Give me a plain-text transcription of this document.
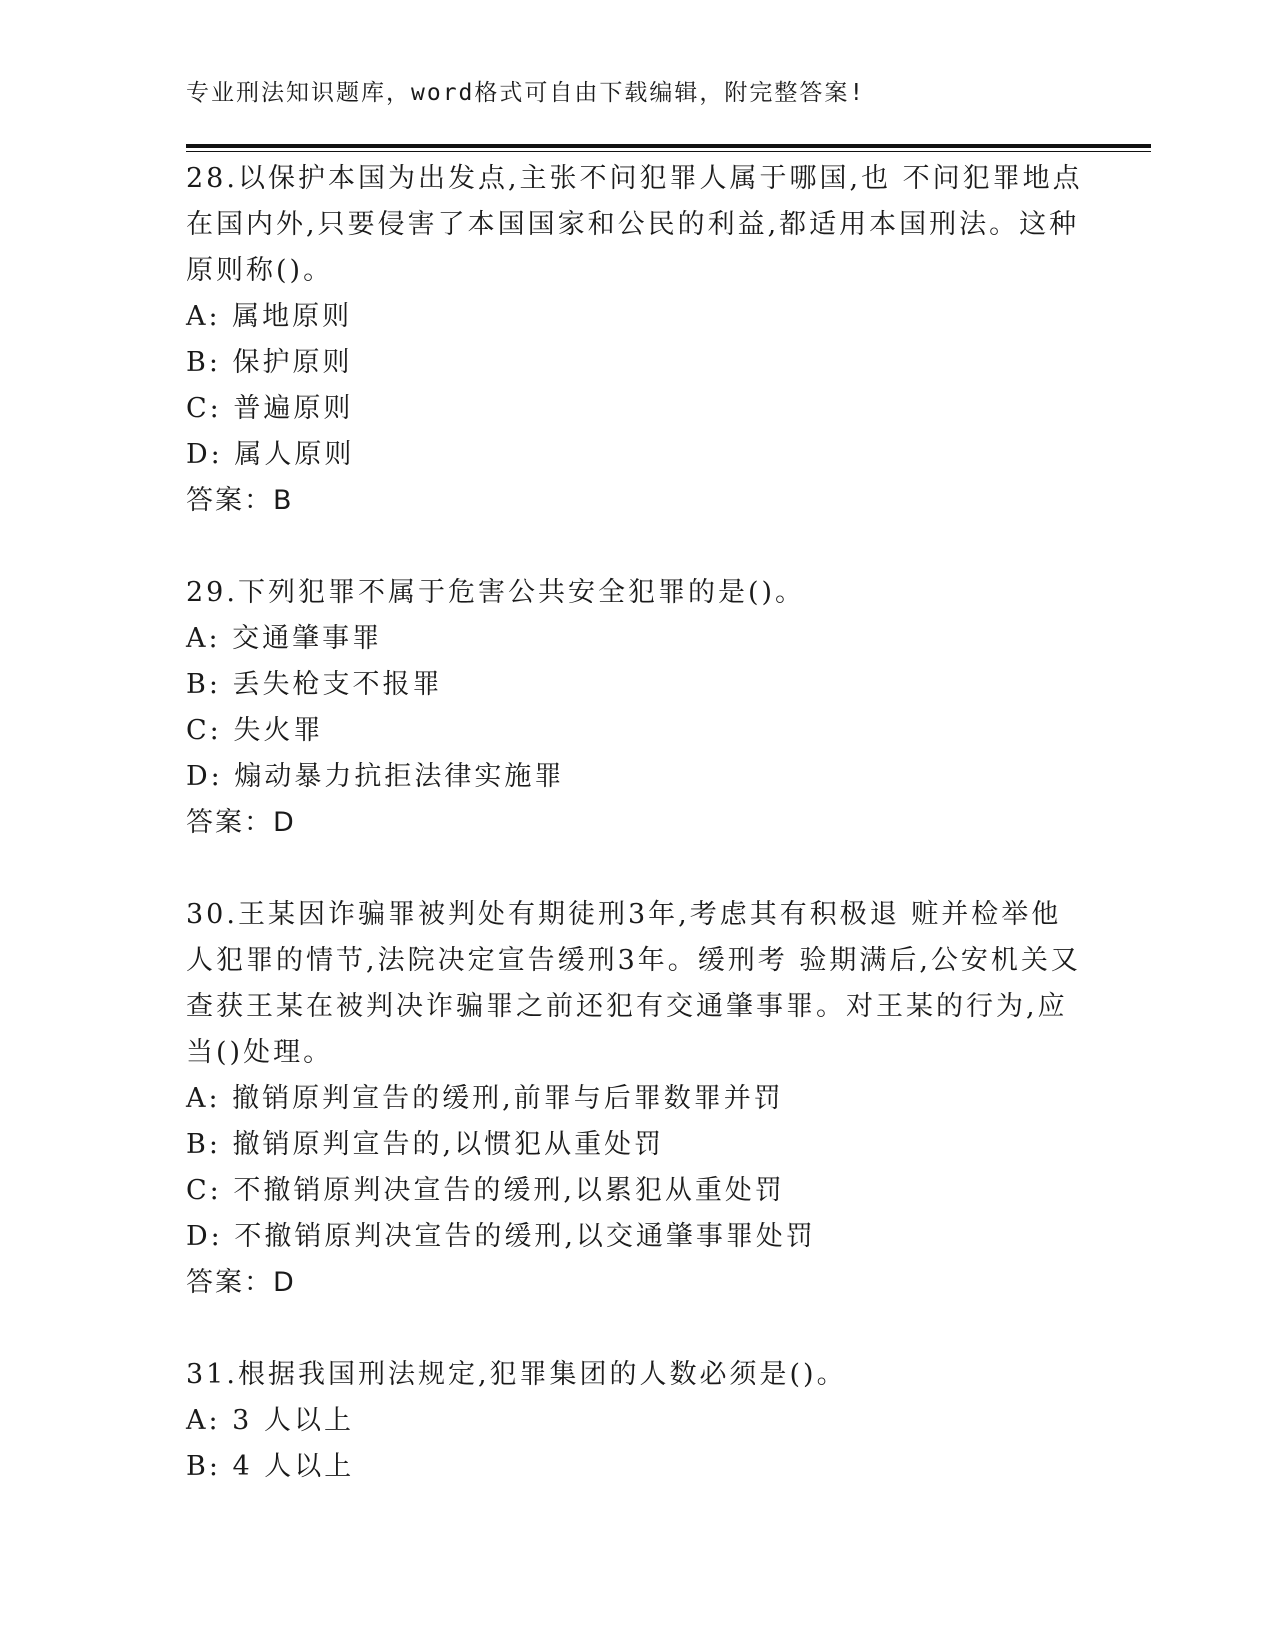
专业刑法知识题库，word格式可自由下载编辑，附完整答案!

28.以保护本国为出发点,主张不问犯罪人属于哪国,也 不问犯罪地点在国内外,只要侵害了本国国家和公民的利益,都适用本国刑法。这种原则称()。

A: 属地原则

B: 保护原则

C: 普遍原则

D: 属人原则

答案：B

29.下列犯罪不属于危害公共安全犯罪的是()。

A: 交通肇事罪

B: 丢失枪支不报罪

C: 失火罪

D: 煽动暴力抗拒法律实施罪

答案：D

30.王某因诈骗罪被判处有期徒刑3年,考虑其有积极退 赃并检举他人犯罪的情节,法院决定宣告缓刑3年。缓刑考 验期满后,公安机关又查获王某在被判决诈骗罪之前还犯有交通肇事罪。对王某的行为,应当()处理。

A: 撤销原判宣告的缓刑,前罪与后罪数罪并罚

B: 撤销原判宣告的,以惯犯从重处罚

C: 不撤销原判决宣告的缓刑,以累犯从重处罚

D: 不撤销原判决宣告的缓刑,以交通肇事罪处罚

答案：D

31.根据我国刑法规定,犯罪集团的人数必须是()。

A: 3 人以上

B: 4 人以上
